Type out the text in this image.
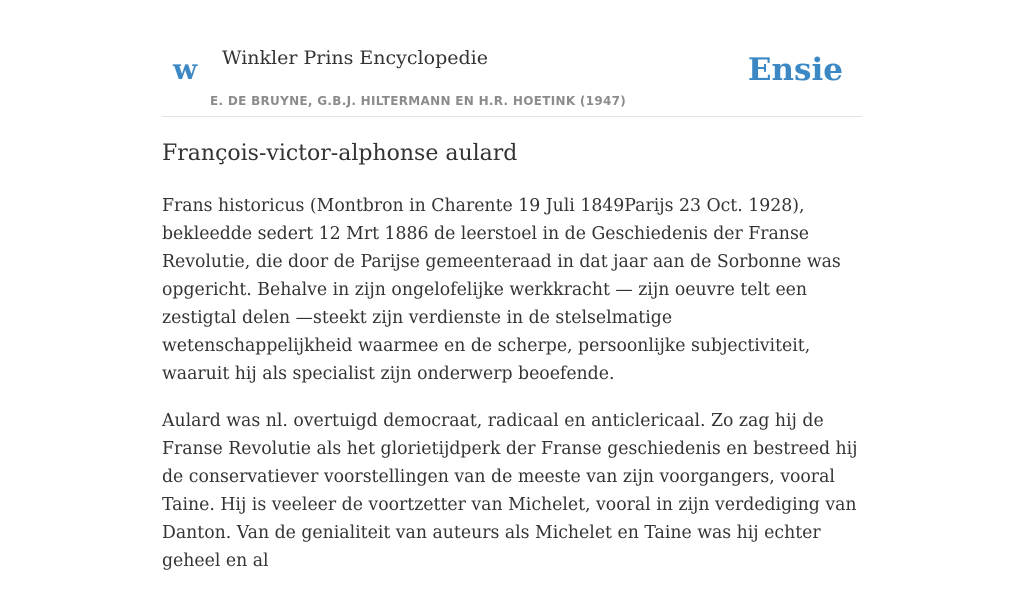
w Winkler Prins Encyclopedie
E. DE BRUYNE, G.B.J. HILTERMANN EN H.R. HOETINK (1947)
Ensie
François-victor-alphonse aulard

Frans historicus (Montbron in Charente 19 Juli 1849Parijs 23 Oct. 1928), bekleedde sedert 12 Mrt 1886 de leerstoel in de Geschiedenis der Franse Revolutie, die door de Parijse gemeenteraad in dat jaar aan de Sorbonne was opgericht. Behalve in zijn ongelofelijke werkkracht — zijn oeuvre telt een zestigtal delen —steekt zijn verdienste in de stelselmatige wetenschappelijkheid waarmee en de scherpe, persoonlijke subjectiviteit, waaruit hij als specialist zijn onderwerp beoefende.

Aulard was nl. overtuigd democraat, radicaal en anticlericaal. Zo zag hij de Franse Revolutie als het glorietijdperk der Franse geschiedenis en bestreed hij de conservatiever voorstellingen van de meeste van zijn voorgangers, vooral Taine. Hij is veeleer de voortzetter van Michelet, vooral in zijn verdediging van Danton. Van de genialiteit van auteurs als Michelet en Taine was hij echter geheel en al
